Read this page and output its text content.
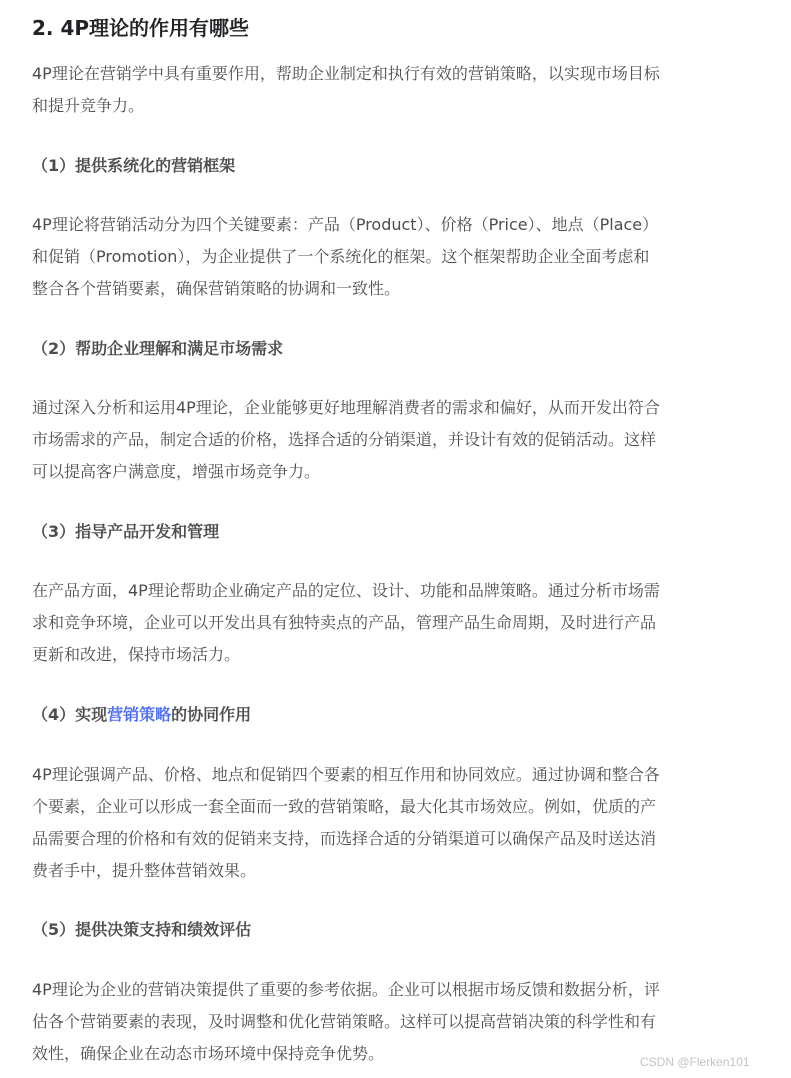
2. 4P理论的作用有哪些

4P理论在营销学中具有重要作用，帮助企业制定和执行有效的营销策略，以实现市场目标
和提升竞争力。

（1）提供系统化的营销框架

4P理论将营销活动分为四个关键要素：产品（Product）、价格（Price）、地点（Place）
和促销（Promotion），为企业提供了一个系统化的框架。这个框架帮助企业全面考虑和
整合各个营销要素，确保营销策略的协调和一致性。

（2）帮助企业理解和满足市场需求

通过深入分析和运用4P理论，企业能够更好地理解消费者的需求和偏好，从而开发出符合
市场需求的产品，制定合适的价格，选择合适的分销渠道，并设计有效的促销活动。这样
可以提高客户满意度，增强市场竞争力。

（3）指导产品开发和管理

在产品方面，4P理论帮助企业确定产品的定位、设计、功能和品牌策略。通过分析市场需
求和竞争环境，企业可以开发出具有独特卖点的产品，管理产品生命周期，及时进行产品
更新和改进，保持市场活力。

（4）实现营销策略的协同作用

4P理论强调产品、价格、地点和促销四个要素的相互作用和协同效应。通过协调和整合各
个要素，企业可以形成一套全面而一致的营销策略，最大化其市场效应。例如，优质的产
品需要合理的价格和有效的促销来支持，而选择合适的分销渠道可以确保产品及时送达消
费者手中，提升整体营销效果。

（5）提供决策支持和绩效评估

4P理论为企业的营销决策提供了重要的参考依据。企业可以根据市场反馈和数据分析，评
估各个营销要素的表现，及时调整和优化营销策略。这样可以提高营销决策的科学性和有
效性，确保企业在动态市场环境中保持竞争优势。	CSDN @Flerken101
